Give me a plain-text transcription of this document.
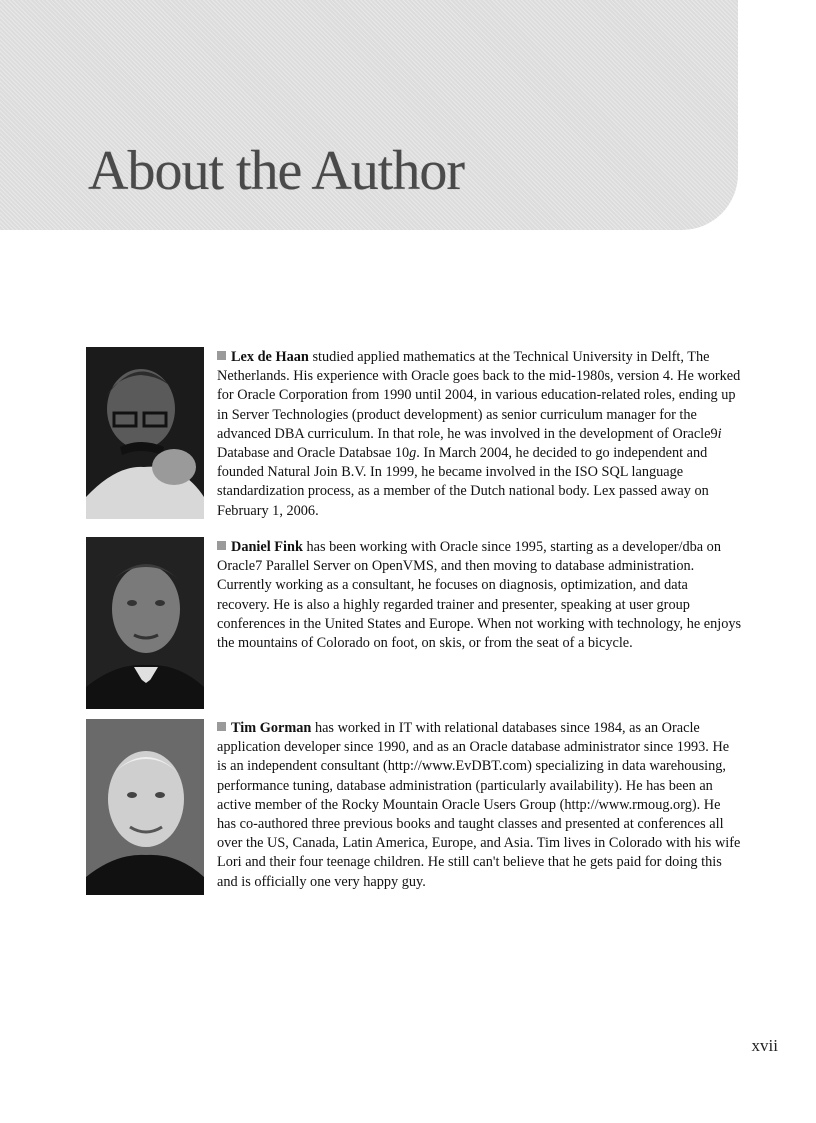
About the Author

Lex de Haan studied applied mathematics at the Technical University in Delft, The Netherlands. His experience with Oracle goes back to the mid-1980s, version 4. He worked for Oracle Corporation from 1990 until 2004, in various education-related roles, ending up in Server Technologies (product development) as senior curriculum manager for the advanced DBA curriculum. In that role, he was involved in the development of Oracle9i Database and Oracle Databsae 10g. In March 2004, he decided to go independent and founded Natural Join B.V. In 1999, he became involved in the ISO SQL language standardization process, as a member of the Dutch national body. Lex passed away on February 1, 2006.

Daniel Fink has been working with Oracle since 1995, starting as a developer/dba on Oracle7 Parallel Server on OpenVMS, and then moving to database administration. Currently working as a consultant, he focuses on diagnosis, optimization, and data recovery. He is also a highly regarded trainer and presenter, speaking at user group conferences in the United States and Europe. When not working with technology, he enjoys the mountains of Colorado on foot, on skis, or from the seat of a bicycle.

Tim Gorman has worked in IT with relational databases since 1984, as an Oracle application developer since 1990, and as an Oracle database administrator since 1993. He is an independent consultant (http://www.EvDBT.com) specializing in data warehousing, performance tuning, database administration (particularly availability). He has been an active member of the Rocky Mountain Oracle Users Group (http://www.rmoug.org). He has co-authored three previous books and taught classes and presented at conferences all over the US, Canada, Latin America, Europe, and Asia. Tim lives in Colorado with his wife Lori and their four teenage children. He still can't believe that he gets paid for doing this and is officially one very happy guy.

xvii
